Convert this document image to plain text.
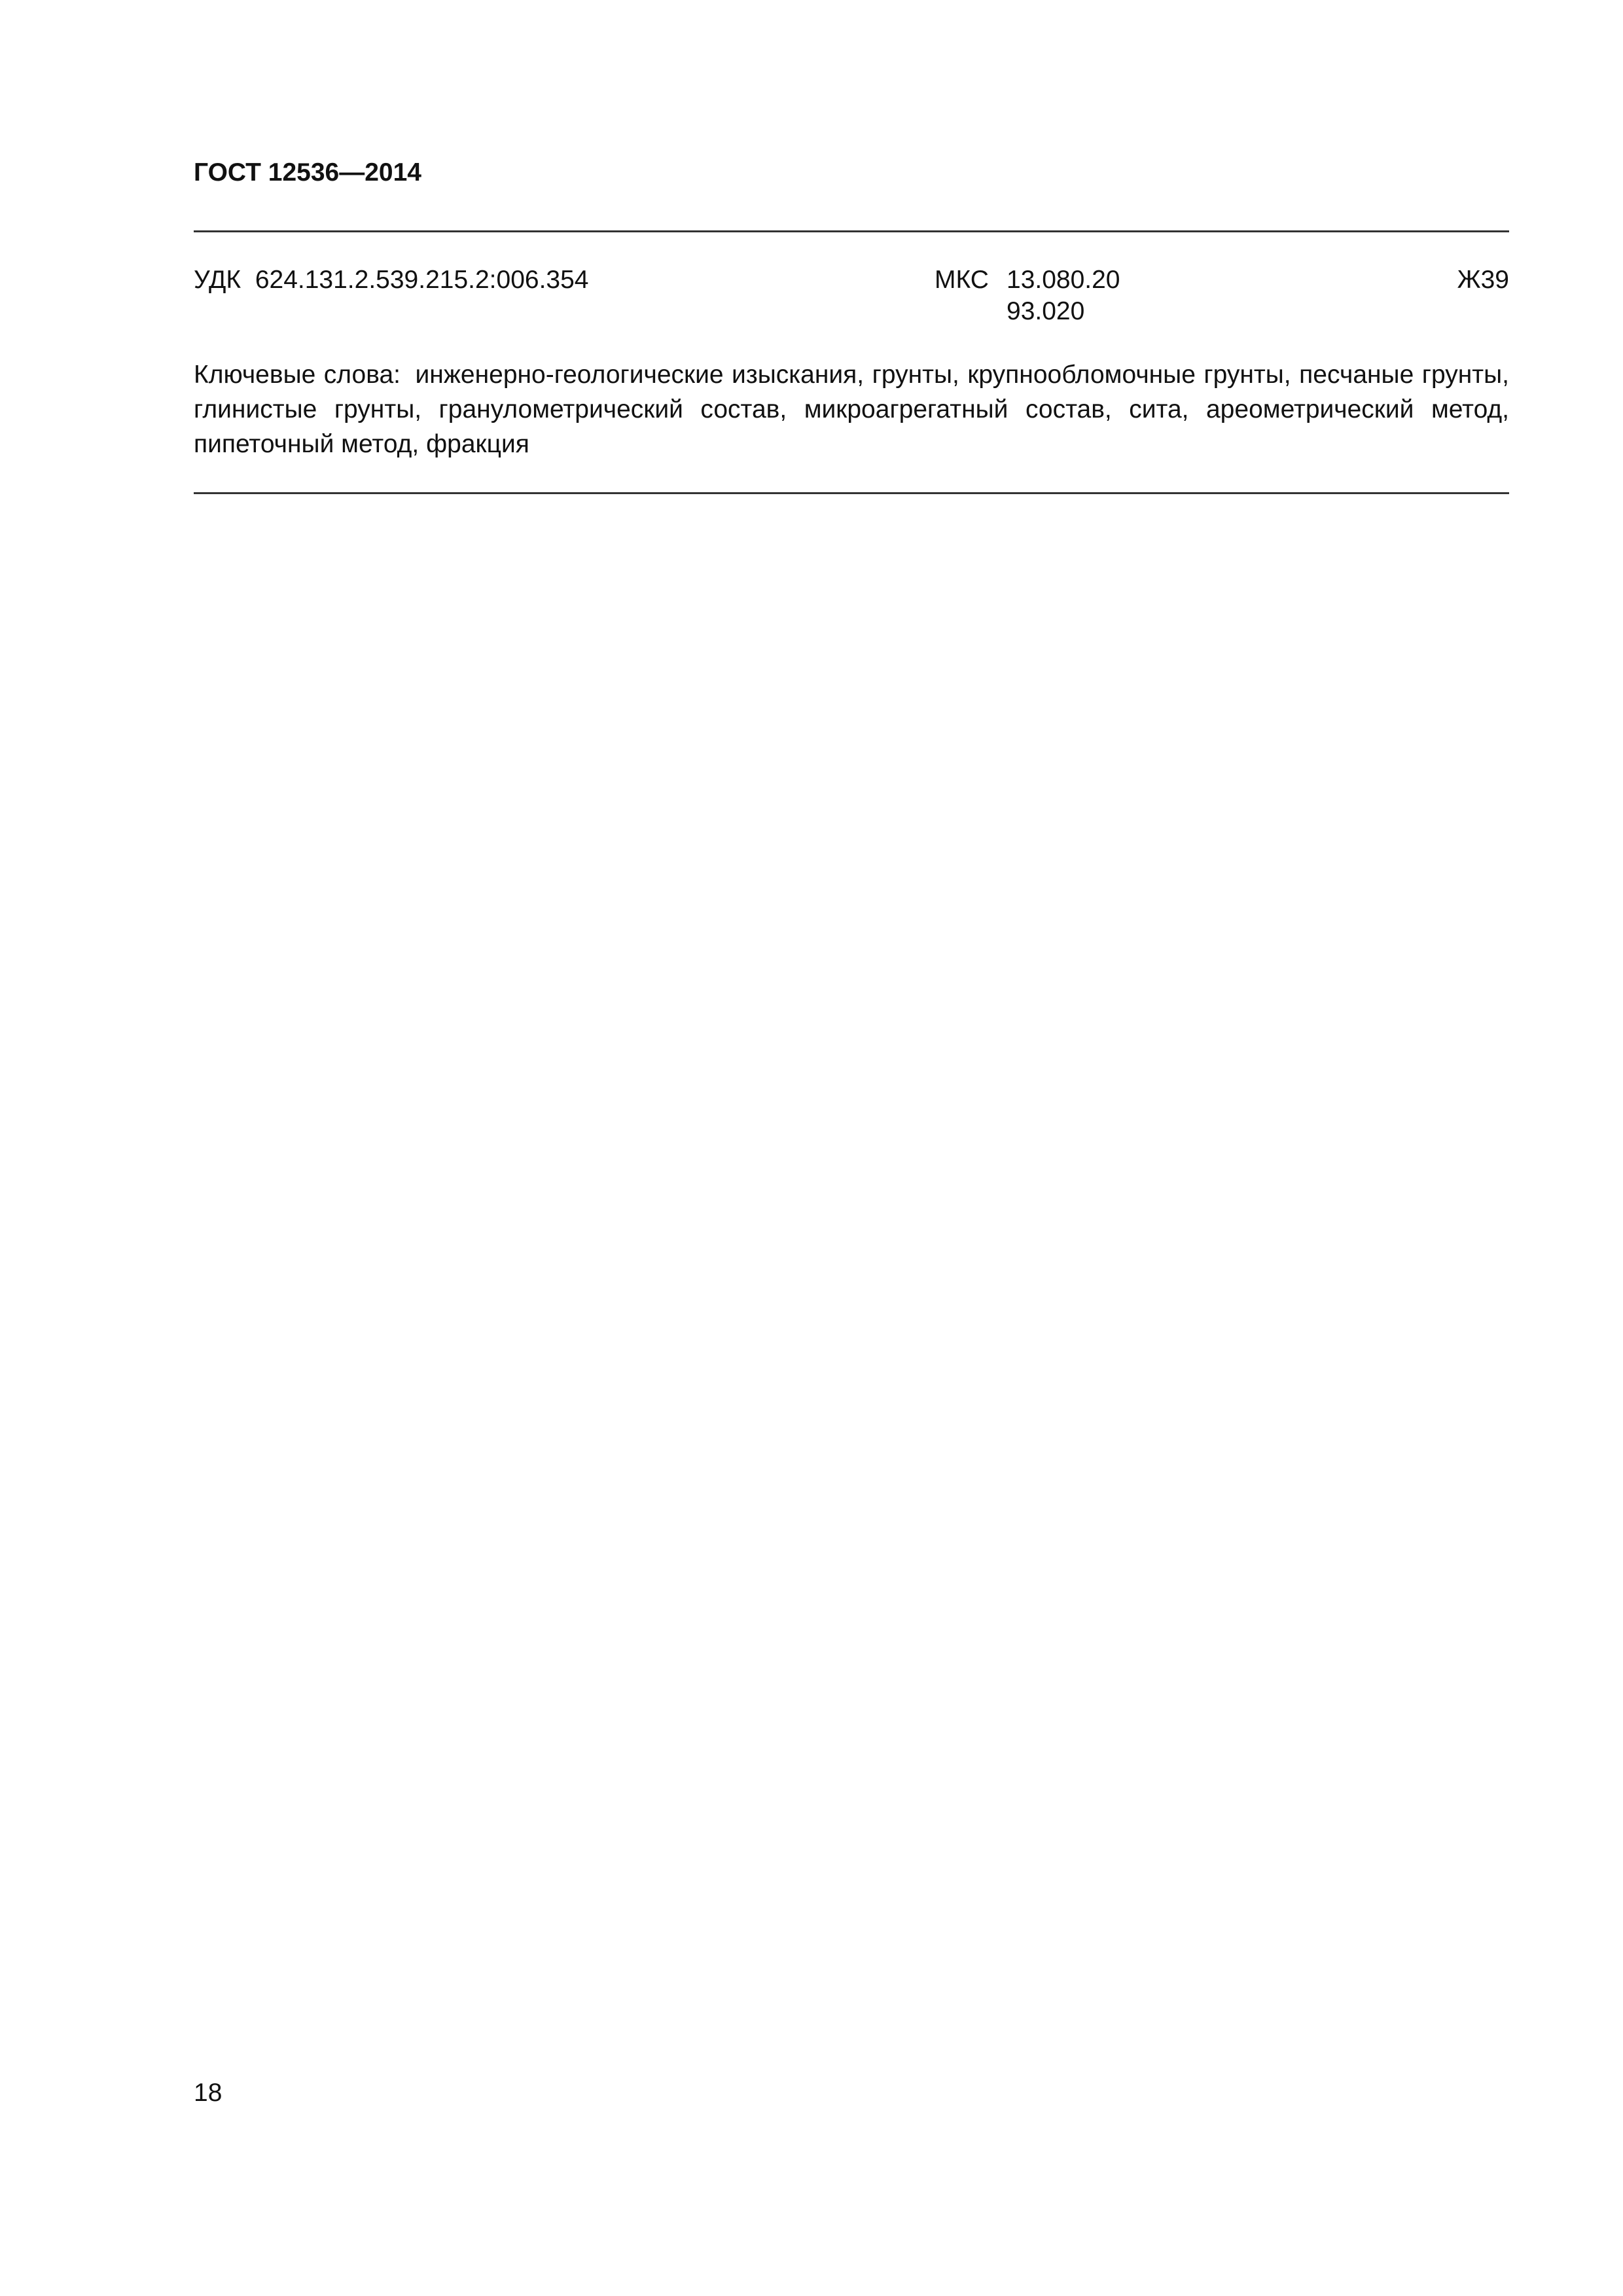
ГОСТ 12536—2014
УДК 624.131.2.539.215.2:006.354	МКС 13.080.20
93.020
Ж39
Ключевые слова: инженерно-геологические изыскания, грунты, крупнообломочные грунты, песчаные грунты, глинистые грунты, гранулометрический состав, микроагрегатный состав, сита, ареометрический метод, пипеточный метод, фракция
18
